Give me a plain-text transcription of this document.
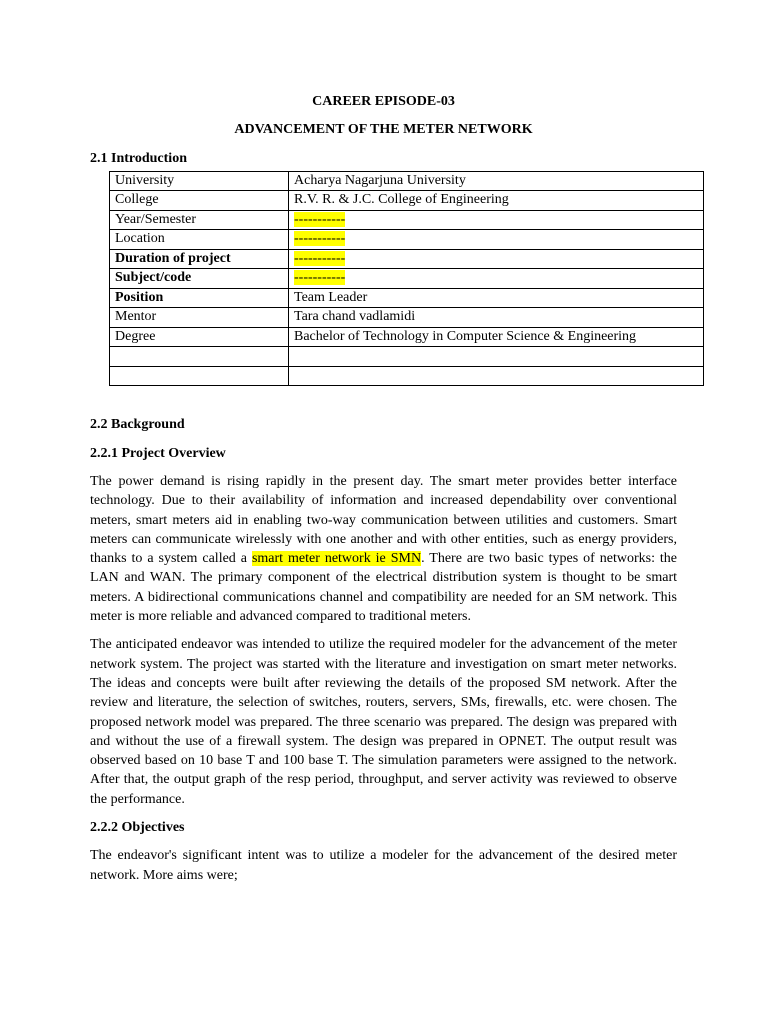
CAREER EPISODE-03

ADVANCEMENT OF THE METER NETWORK

2.1 Introduction

University	Acharya Nagarjuna University
College	R.V. R. & J.C. College of Engineering
Year/Semester	-----------
Location	-----------
Duration of project	-----------
Subject/code	-----------
Position	Team Leader
Mentor	Tara chand vadlamidi
Degree	Bachelor of Technology in Computer Science & Engineering

2.2 Background

2.2.1 Project Overview

The power demand is rising rapidly in the present day. The smart meter provides better interface technology. Due to their availability of information and increased dependability over conventional meters, smart meters aid in enabling two-way communication between utilities and customers. Smart meters can communicate wirelessly with one another and with other entities, such as energy providers, thanks to a system called a smart meter network ie SMN. There are two basic types of networks: the LAN and WAN. The primary component of the electrical distribution system is thought to be smart meters. A bidirectional communications channel and compatibility are needed for an SM network. This meter is more reliable and advanced compared to traditional meters.

The anticipated endeavor was intended to utilize the required modeler for the advancement of the meter network system. The project was started with the literature and investigation on smart meter networks. The ideas and concepts were built after reviewing the details of the proposed SM network. After the review and literature, the selection of switches, routers, servers, SMs, firewalls, etc. were chosen. The proposed network model was prepared. The three scenario was prepared. The design was prepared with and without the use of a firewall system. The design was prepared in OPNET. The output result was observed based on 10 base T and 100 base T. The simulation parameters were assigned to the network. After that, the output graph of the resp period, throughput, and server activity was reviewed to observe the performance.

2.2.2 Objectives

The endeavor's significant intent was to utilize a modeler for the advancement of the desired meter network. More aims were;
